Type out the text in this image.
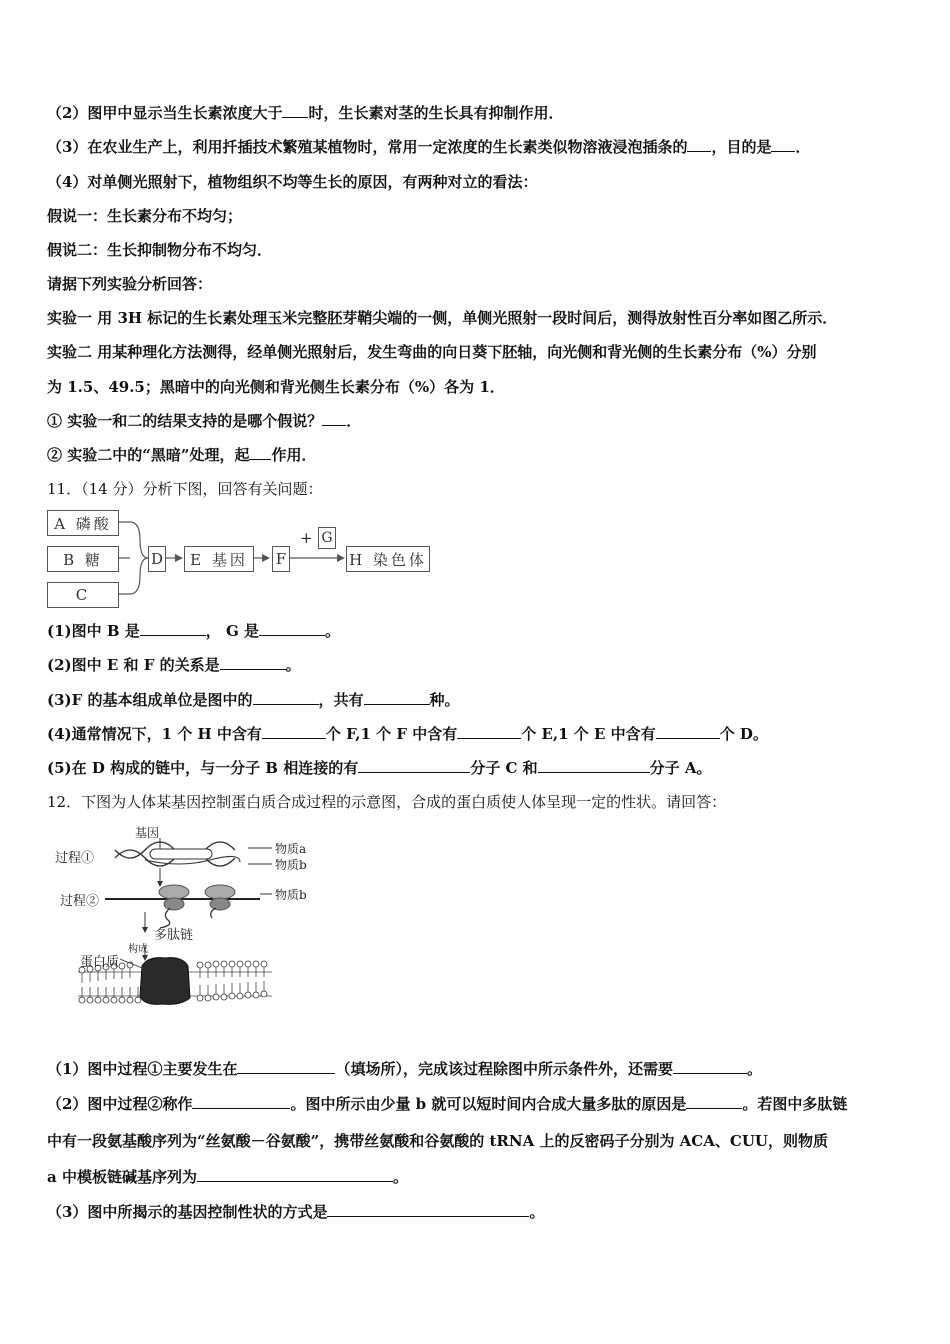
（2）图甲中显示当生长素浓度大于 时，生长素对茎的生长具有抑制作用．
（3）在农业生产上，利用扦插技术繁殖某植物时，常用一定浓度的生长素类似物溶液浸泡插条的 ，目的是 ．
（4）对单侧光照射下，植物组织不均等生长的原因，有两种对立的看法：
假说一：生长素分布不均匀；
假说二：生长抑制物分布不均匀．
请据下列实验分析回答：
实验一 用 3H 标记的生长素处理玉米完整胚芽鞘尖端的一侧，单侧光照射一段时间后，测得放射性百分率如图乙所示．
实验二 用某种理化方法测得，经单侧光照射后，发生弯曲的向日葵下胚轴，向光侧和背光侧的生长素分布（%）分别
为 1.5、49.5；黑暗中的向光侧和背光侧生长素分布（%）各为 1．
① 实验一和二的结果支持的是哪个假说？ ．
② 实验二中的“黑暗”处理，起 作用．
11．（14 分）分析下图，回答有关问题：
A 磷酸
B 糖
C
D	E 基因	F
+ G
H 染色体
(1)图中 B 是	， G 是	。
(2)图中 E 和 F 的关系是	。
(3)F 的基本组成单位是图中的	，共有	种。
(4)通常情况下，1 个 H 中含有	个 F,1 个 F 中含有	个 E,1 个 E 中含有	个 D。
(5)在 D 构成的链中，与一分子 B 相连接的有	分子 C 和	分子 A。
12．下图为人体某基因控制蛋白质合成过程的示意图，合成的蛋白质使人体呈现一定的性状。请回答：
基因
过程①
物质a
物质b
过程②	物质b
多肽链
构成
蛋白质
（1）图中过程①主要发生在	（填场所），完成该过程除图中所示条件外，还需要	。
（2）图中过程②称作	。图中所示由少量 b 就可以短时间内合成大量多肽的原因是	。若图中多肽链
中有一段氨基酸序列为“丝氨酸－谷氨酸”，携带丝氨酸和谷氨酸的 tRNA 上的反密码子分别为 ACA、CUU，则物质
a 中模板链碱基序列为	。
（3）图中所揭示的基因控制性状的方式是	。
